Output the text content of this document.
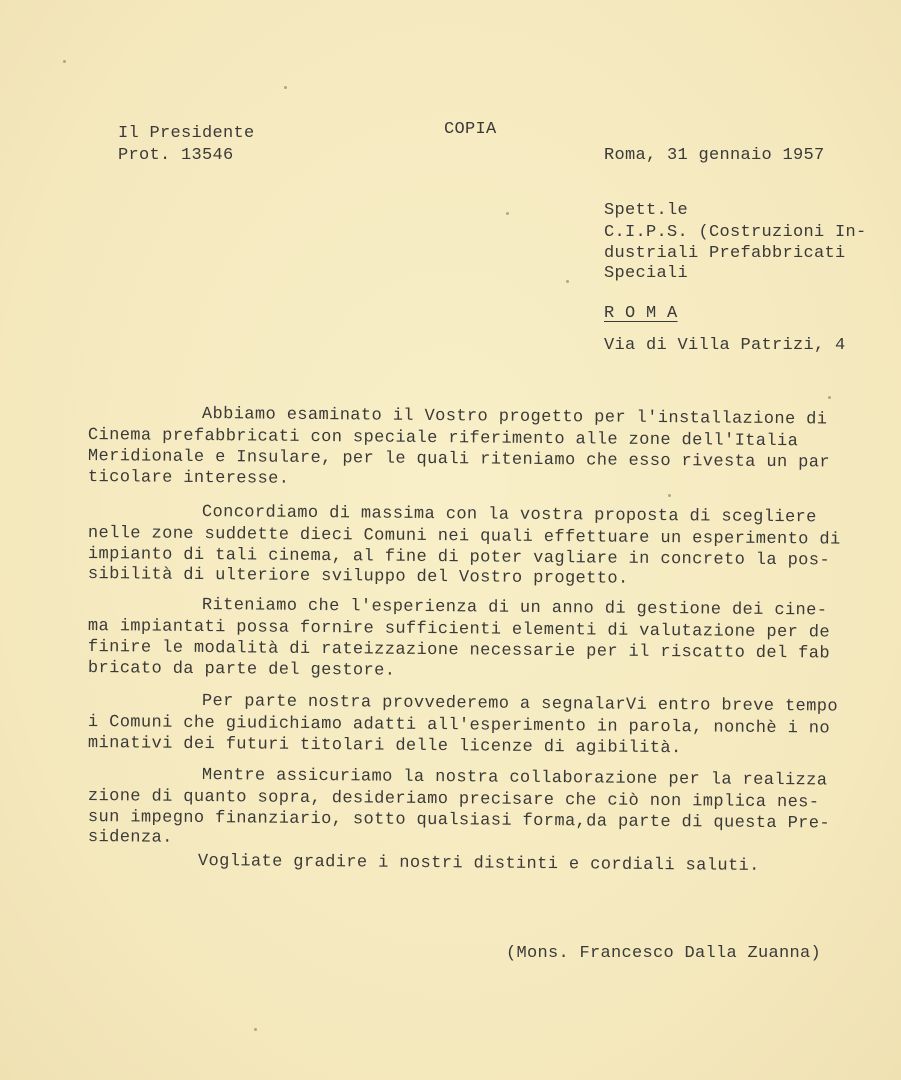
Il Presidente
Prot. 13546
COPIA
Roma, 31 gennaio 1957
Spett.le
C.I.P.S. (Costruzioni In-
dustriali Prefabbricati
Speciali
R O M A
Via di Villa Patrizi, 4
Abbiamo esaminato il Vostro progetto per l'installazione di
Cinema prefabbricati con speciale riferimento alle zone dell'Italia
Meridionale e Insulare, per le quali riteniamo che esso rivesta un par
ticolare interesse.
Concordiamo di massima con la vostra proposta di scegliere
nelle zone suddette dieci Comuni nei quali effettuare un esperimento di
impianto di tali cinema, al fine di poter vagliare in concreto la pos-
sibilità di ulteriore sviluppo del Vostro progetto.
Riteniamo che l'esperienza di un anno di gestione dei cine-
ma impiantati possa fornire sufficienti elementi di valutazione per de
finire le modalità di rateizzazione necessarie per il riscatto del fab
bricato da parte del gestore.
Per parte nostra provvederemo a segnalarVi entro breve tempo
i Comuni che giudichiamo adatti all'esperimento in parola, nonchè i no
minativi dei futuri titolari delle licenze di agibilità.
Mentre assicuriamo la nostra collaborazione per la realizza
zione di quanto sopra, desideriamo precisare che ciò non implica nes-
sun impegno finanziario, sotto qualsiasi forma,da parte di questa Pre-
sidenza.
Vogliate gradire i nostri distinti e cordiali saluti.
(Mons. Francesco Dalla Zuanna)
